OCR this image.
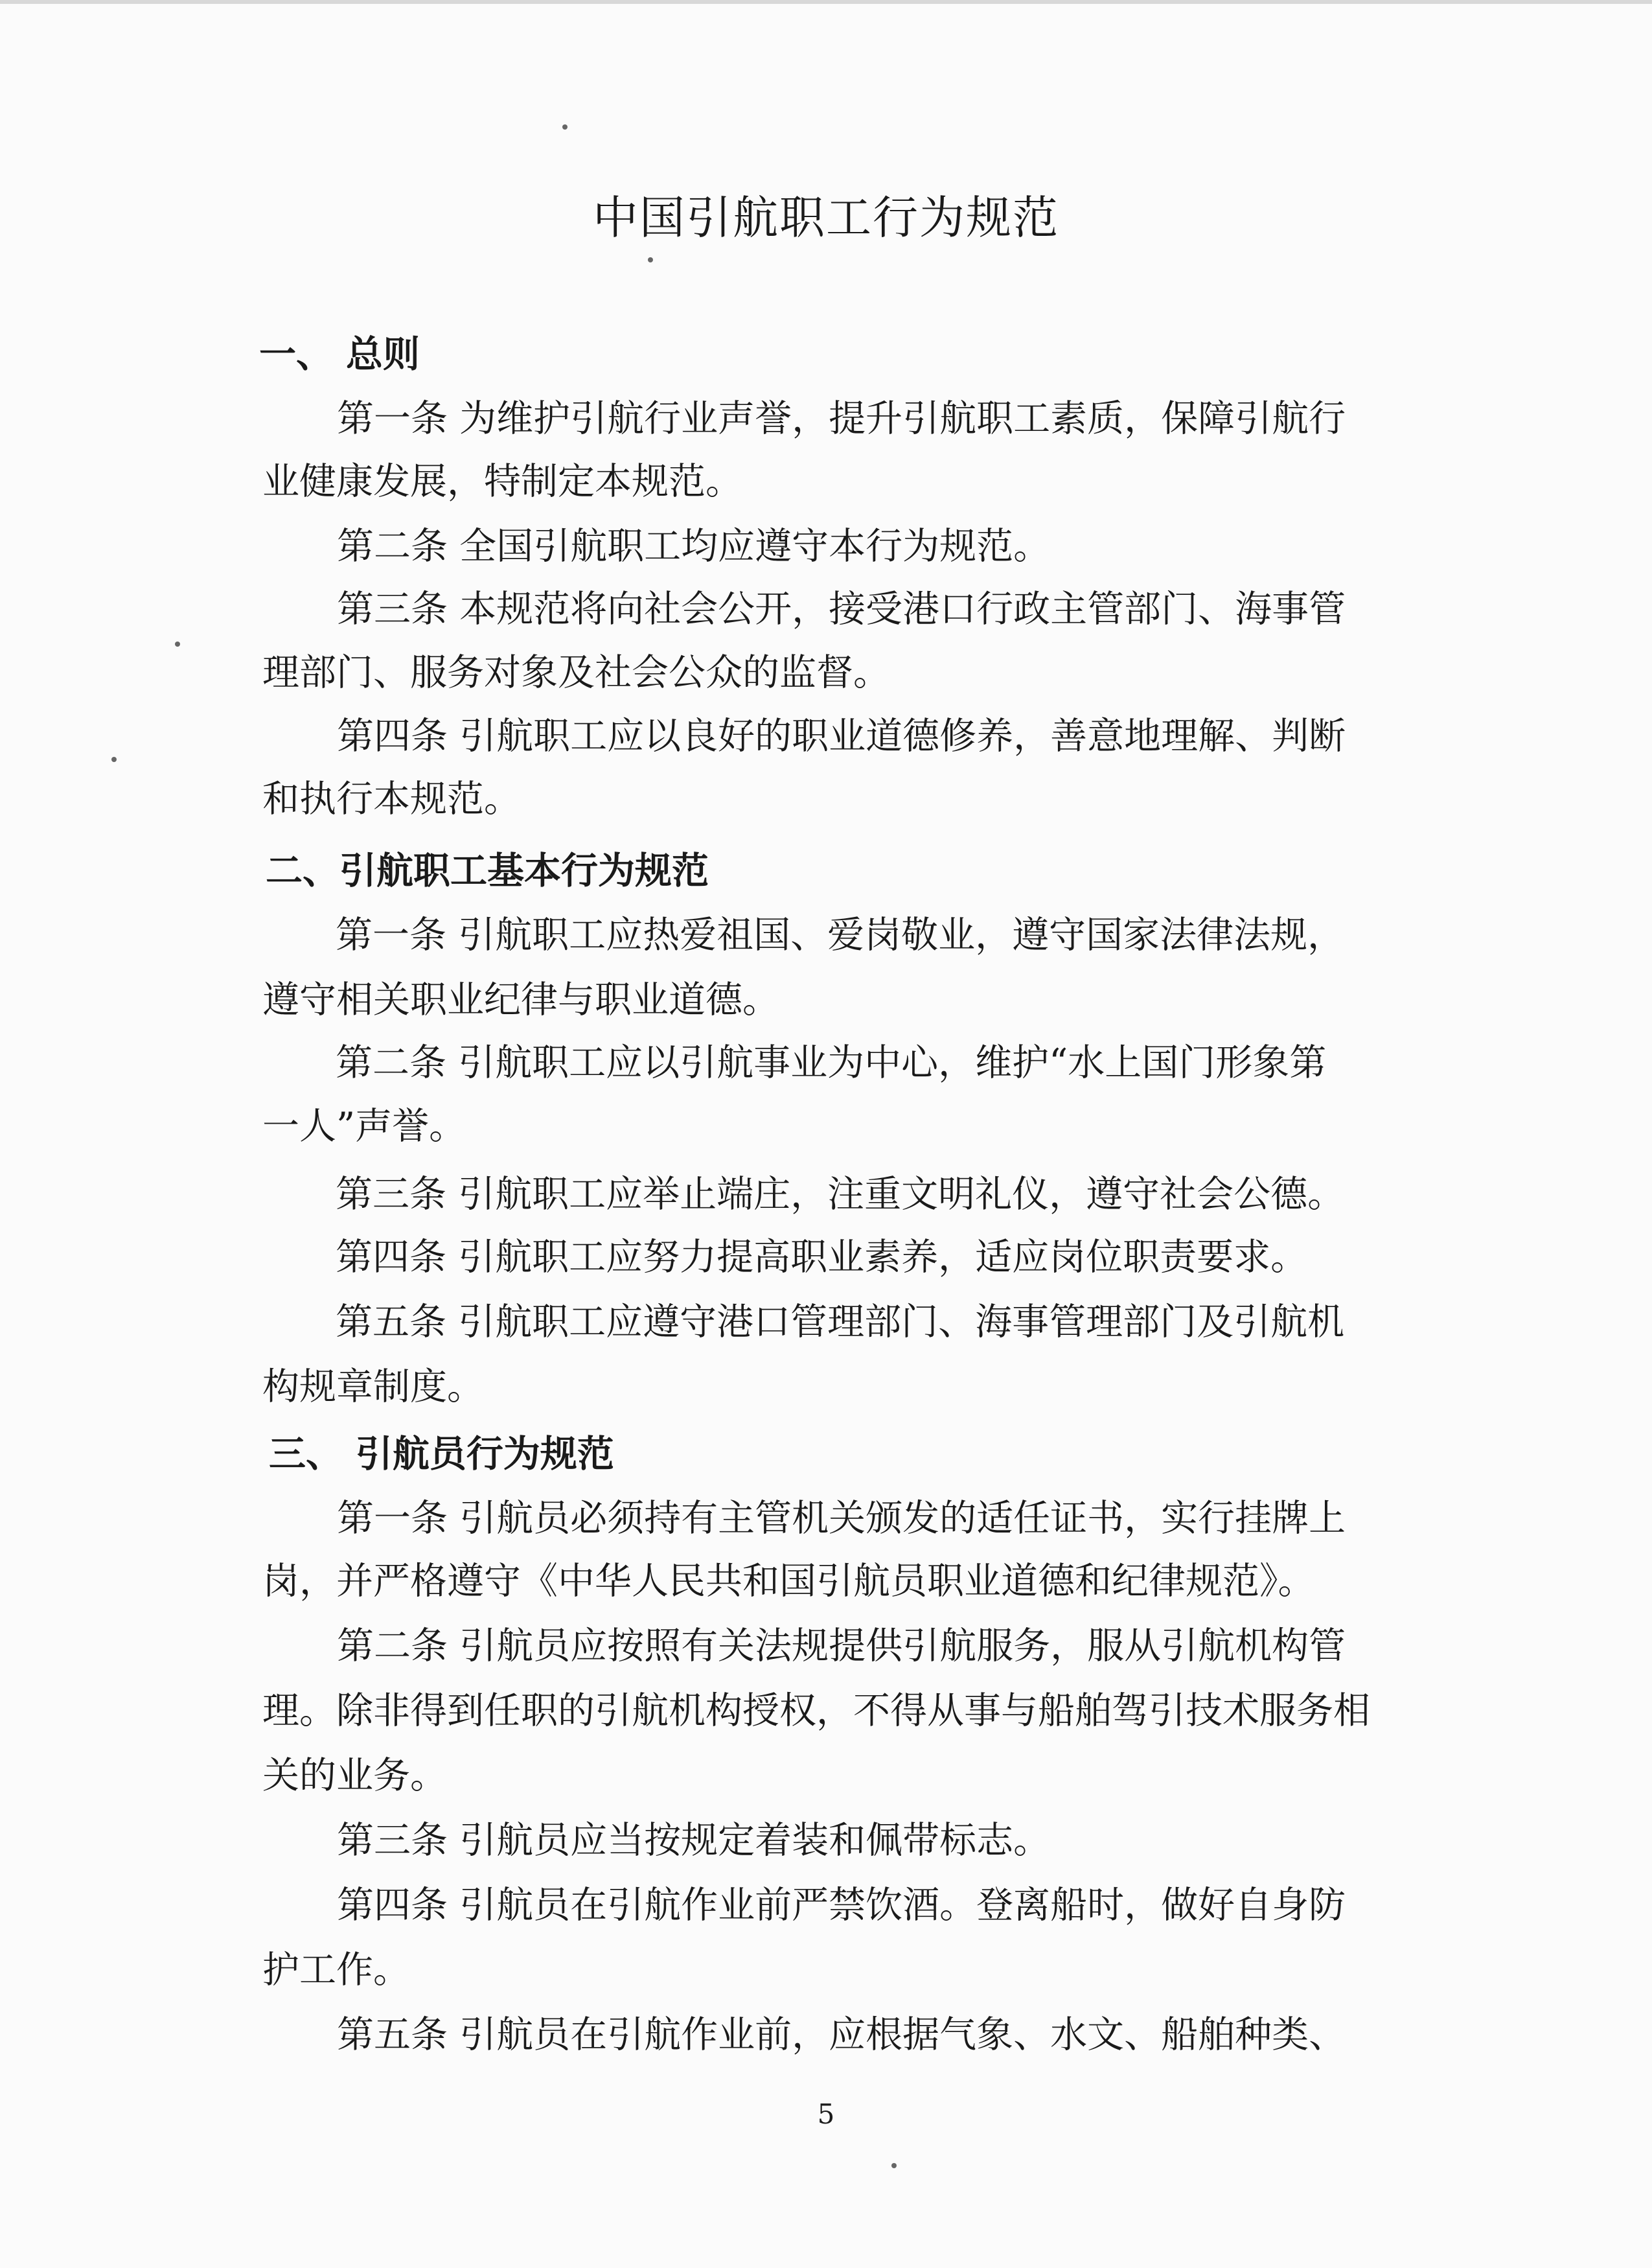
中国引航职工行为规范
一、 总则
第一条 为维护引航行业声誉，提升引航职工素质，保障引航行
业健康发展，特制定本规范。
第二条 全国引航职工均应遵守本行为规范。
第三条 本规范将向社会公开，接受港口行政主管部门、海事管
理部门、服务对象及社会公众的监督。
第四条 引航职工应以良好的职业道德修养，善意地理解、判断
和执行本规范。
二、引航职工基本行为规范
第一条 引航职工应热爱祖国、爱岗敬业，遵守国家法律法规，
遵守相关职业纪律与职业道德。
第二条 引航职工应以引航事业为中心，维护“水上国门形象第
一人”声誉。
第三条 引航职工应举止端庄，注重文明礼仪，遵守社会公德。
第四条 引航职工应努力提高职业素养，适应岗位职责要求。
第五条 引航职工应遵守港口管理部门、海事管理部门及引航机
构规章制度。
三、 引航员行为规范
第一条 引航员必须持有主管机关颁发的适任证书，实行挂牌上
岗，并严格遵守《中华人民共和国引航员职业道德和纪律规范》。
第二条 引航员应按照有关法规提供引航服务，服从引航机构管
理。除非得到任职的引航机构授权，不得从事与船舶驾引技术服务相
关的业务。
第三条 引航员应当按规定着装和佩带标志。
第四条 引航员在引航作业前严禁饮酒。登离船时，做好自身防
护工作。
第五条 引航员在引航作业前，应根据气象、水文、船舶种类、
5
